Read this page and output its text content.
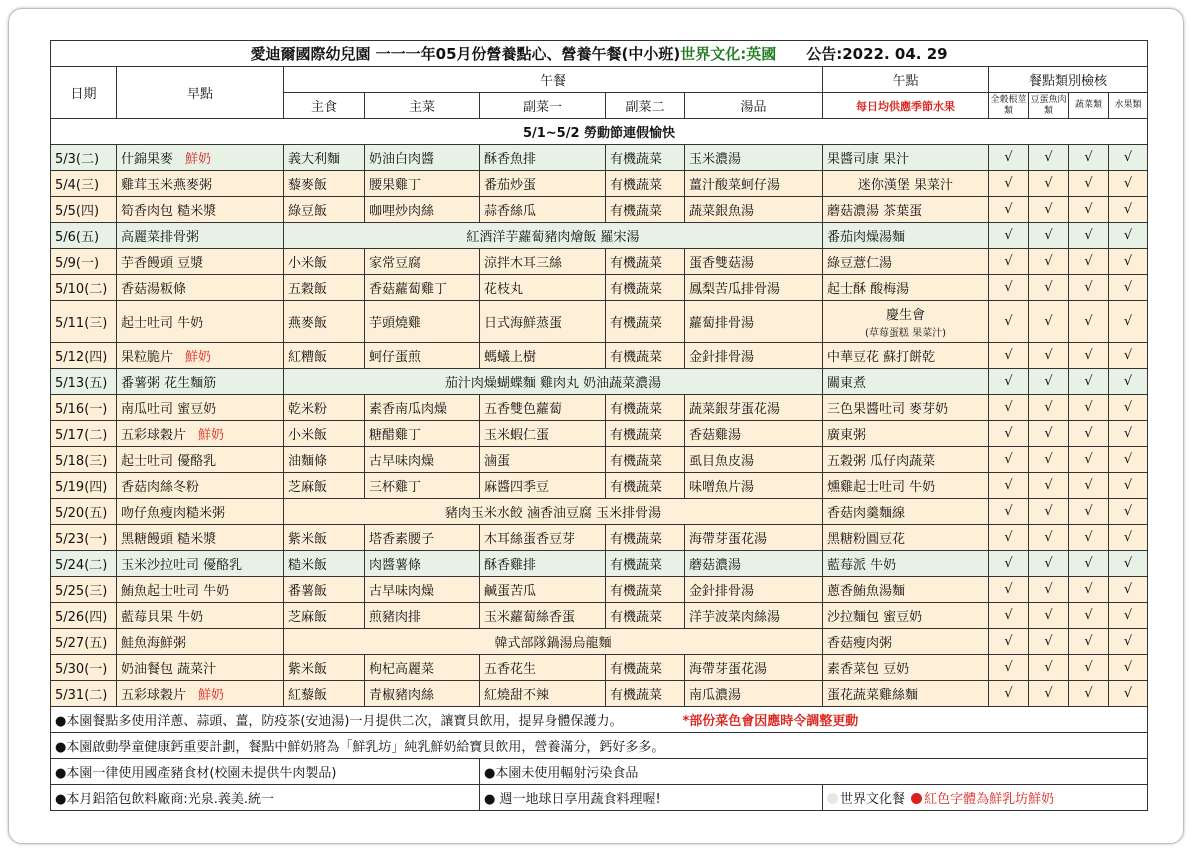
愛迪爾國際幼兒園 一一一年05月份營養點心、營養午餐(中小班)世界文化:英國 公告:2022. 04. 29											
日期	早點	午餐					午點	餐點類別檢核			
		主食	主菜	副菜一	副菜二	湯品	每日均供應季節水果	全穀根莖類	豆蛋魚肉類	蔬菜類	水果類
5/1~5/2 勞動節連假愉快											
5/3(二)	什錦果麥 鮮奶	義大利麵	奶油白肉醬	酥香魚排	有機蔬菜	玉米濃湯	果醬司康 果汁	√	√	√	√
5/4(三)	雞茸玉米燕麥粥	藜麥飯	腰果雞丁	番茄炒蛋	有機蔬菜	薑汁酸菜蚵仔湯	迷你漢堡 果菜汁	√	√	√	√
5/5(四)	筍香肉包 糙米漿	綠豆飯	咖哩炒肉絲	蒜香絲瓜	有機蔬菜	蔬菜銀魚湯	蘑菇濃湯 茶葉蛋	√	√	√	√
5/6(五)	高麗菜排骨粥	紅酒洋芋蘿蔔豬肉燴飯 羅宋湯					番茄肉燥湯麵	√	√	√	√
5/9(一)	芋香饅頭 豆漿	小米飯	家常豆腐	涼拌木耳三絲	有機蔬菜	蛋香雙菇湯	綠豆薏仁湯	√	√	√	√
5/10(二)	香菇湯粄條	五穀飯	香菇蘿蔔雞丁	花枝丸	有機蔬菜	鳳梨苦瓜排骨湯	起士酥 酸梅湯	√	√	√	√
5/11(三)	起士吐司 牛奶	燕麥飯	芋頭燒雞	日式海鮮蒸蛋	有機蔬菜	蘿蔔排骨湯	慶生會
(草莓蛋糕 果菜汁)	√	√	√	√
5/12(四)	果粒脆片 鮮奶	紅糟飯	蚵仔蛋煎	螞蟻上樹	有機蔬菜	金針排骨湯	中華豆花 蘇打餅乾	√	√	√	√
5/13(五)	番薯粥 花生麵筋	茄汁肉燥蝴蝶麵 雞肉丸 奶油蔬菜濃湯					關東煮	√	√	√	√
5/16(一)	南瓜吐司 蜜豆奶	乾米粉	素香南瓜肉燥	五香雙色蘿蔔	有機蔬菜	蔬菜銀芽蛋花湯	三色果醬吐司 麥芽奶	√	√	√	√
5/17(二)	五彩球穀片 鮮奶	小米飯	糖醋雞丁	玉米蝦仁蛋	有機蔬菜	香菇雞湯	廣東粥	√	√	√	√
5/18(三)	起士吐司 優酪乳	油麵條	古早味肉燥	滷蛋	有機蔬菜	虱目魚皮湯	五穀粥 瓜仔肉蔬菜	√	√	√	√
5/19(四)	香菇肉絲冬粉	芝麻飯	三杯雞丁	麻醬四季豆	有機蔬菜	味噌魚片湯	燻雞起士吐司 牛奶	√	√	√	√
5/20(五)	吻仔魚瘦肉糙米粥	豬肉玉米水餃 滷香油豆腐 玉米排骨湯					香菇肉羹麵線	√	√	√	√
5/23(一)	黑糖饅頭 糙米漿	紫米飯	塔香素腰子	木耳絲蛋香豆芽	有機蔬菜	海帶芽蛋花湯	黑糖粉圓豆花	√	√	√	√
5/24(二)	玉米沙拉吐司 優酪乳	糙米飯	肉醬薯條	酥香雞排	有機蔬菜	蘑菇濃湯	藍莓派 牛奶	√	√	√	√
5/25(三)	鮪魚起士吐司 牛奶	番薯飯	古早味肉燥	鹹蛋苦瓜	有機蔬菜	金針排骨湯	蔥香鮪魚湯麵	√	√	√	√
5/26(四)	藍莓貝果 牛奶	芝麻飯	煎豬肉排	玉米蘿蔔絲香蛋	有機蔬菜	洋芋波菜肉絲湯	沙拉麵包 蜜豆奶	√	√	√	√
5/27(五)	鮭魚海鮮粥	韓式部隊鍋湯烏龍麵					香菇瘦肉粥	√	√	√	√
5/30(一)	奶油餐包 蔬菜汁	紫米飯	枸杞高麗菜	五香花生	有機蔬菜	海帶芽蛋花湯	素香菜包 豆奶	√	√	√	√
5/31(二)	五彩球穀片 鮮奶	紅藜飯	青椒豬肉絲	紅燒甜不辣	有機蔬菜	南瓜濃湯	蛋花蔬菜雞絲麵	√	√	√	√
●本園餐點多使用洋蔥、蒜頭、薑，防疫茶(安迪湯)一月提供二次，讓寶貝飲用，提昇身體保護力。 *部份菜色會因應時令調整更動											
●本園啟動學童健康鈣重要計劃，餐點中鮮奶將為「鮮乳坊」純乳鮮奶給寶貝飲用，營養滿分，鈣好多多。											
●本園一律使用國產豬食材(校園未提供牛肉製品)				●本園未使用輻射污染食品							
●本月鋁箔包飲料廠商:光泉.義美.統一				● 週一地球日享用蔬食料理喔!			世界文化餐 紅色字體為鮮乳坊鮮奶				
